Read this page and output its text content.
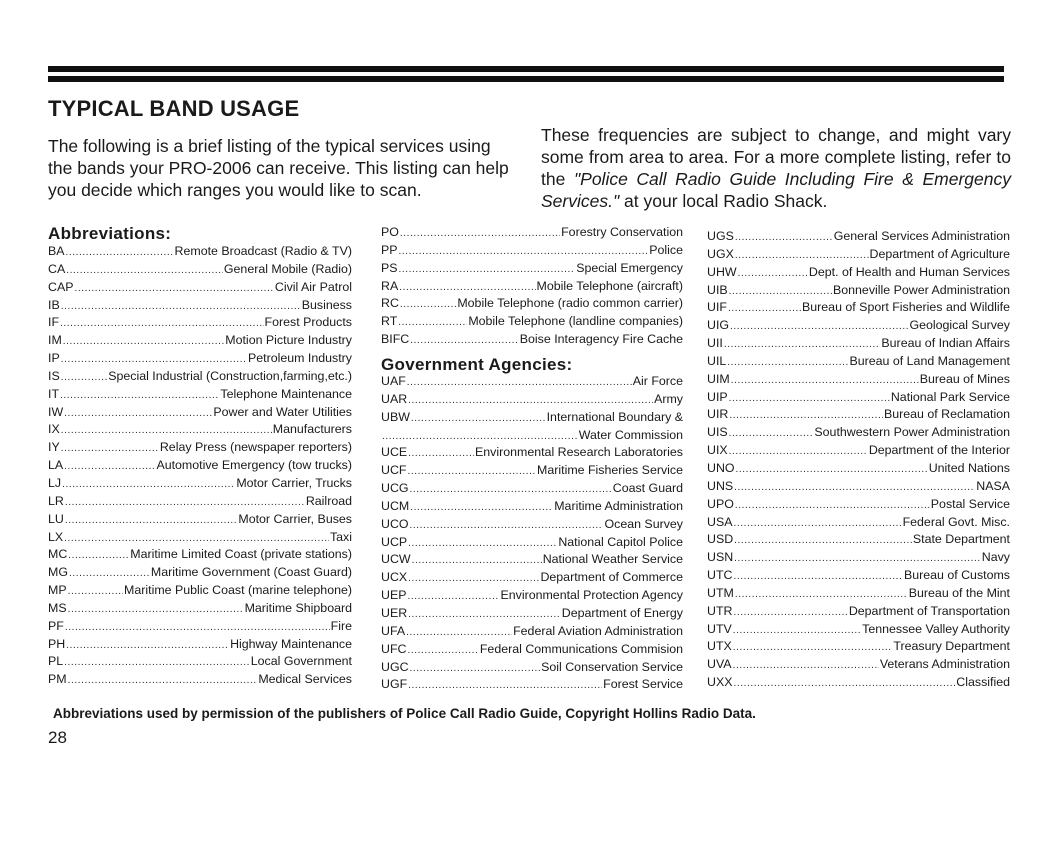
TYPICAL BAND USAGE
The following is a brief listing of the typical services using the bands your PRO-2006 can receive. This listing can help you decide which ranges you would like to scan.
These frequencies are subject to change, and might vary some from area to area. For a more complete listing, refer to the "Police Call Radio Guide Including Fire & Emergency Services." at your local Radio Shack.
Abbreviations:
BA .....	Remote Broadcast (Radio & TV)
CA .....	General Mobile (Radio)
CAP .....	Civil Air Patrol
IB .....	Business
IF .....	Forest Products
IM .....	Motion Picture Industry
IP .....	Petroleum Industry
IS .....	Special Industrial (Construction,farming,etc.)
IT .....	Telephone Maintenance
IW .....	Power and Water Utilities
IX .....	Manufacturers
IY .....	Relay Press (newspaper reporters)
LA .....	Automotive Emergency (tow trucks)
LJ .....	Motor Carrier, Trucks
LR .....	Railroad
LU .....	Motor Carrier, Buses
LX .....	Taxi
MC .....	Maritime Limited Coast (private stations)
MG .....	Maritime Government (Coast Guard)
MP .....	Maritime Public Coast (marine telephone)
MS .....	Maritime Shipboard
PF .....	Fire
PH .....	Highway Maintenance
PL .....	Local Government
PM .....	Medical Services
PO .....	Forestry Conservation
PP .....	Police
PS .....	Special Emergency
RA .....	Mobile Telephone (aircraft)
RC .....	Mobile Telephone (radio common carrier)
RT .....	Mobile Telephone (landline companies)
BIFC .....	Boise Interagency Fire Cache
Government Agencies:
UAF .....	Air Force
UAR .....	Army
UBW .....	International Boundary &
.....
Water Commission
UCE .....	Environmental Research Laboratories
UCF .....	Maritime Fisheries Service
UCG .....	Coast Guard
UCM .....	Maritime Administration
UCO .....	Ocean Survey
UCP .....	National Capitol Police
UCW .....	National Weather Service
UCX .....	Department of Commerce
UEP .....	Environmental Protection Agency
UER .....	Department of Energy
UFA .....	Federal Aviation Administration
UFC .....	Federal Communications Commision
UGC .....	Soil Conservation Service
UGF .....	Forest Service
UGS .....	General Services Administration
UGX .....	Department of Agriculture
UHW .....	Dept. of Health and Human Services
UIB .....	Bonneville Power Administration
UIF .....	Bureau of Sport Fisheries and Wildlife
UIG .....	Geological Survey
UII .....	Bureau of Indian Affairs
UIL .....	Bureau of Land Management
UIM .....	Bureau of Mines
UIP .....	National Park Service
UIR .....	Bureau of Reclamation
UIS .....	Southwestern Power Administration
UIX .....	Department of the Interior
UNO .....	United Nations
UNS .....	NASA
UPO .....	Postal Service
USA .....	Federal Govt. Misc.
USD .....	State Department
USN .....	Navy
UTC .....	Bureau of Customs
UTM .....	Bureau of the Mint
UTR .....	Department of Transportation
UTV .....	Tennessee Valley Authority
UTX .....	Treasury Department
UVA .....	Veterans Administration
UXX .....	Classified
Abbreviations used by permission of the publishers of Police Call Radio Guide, Copyright Hollins Radio Data.
28
